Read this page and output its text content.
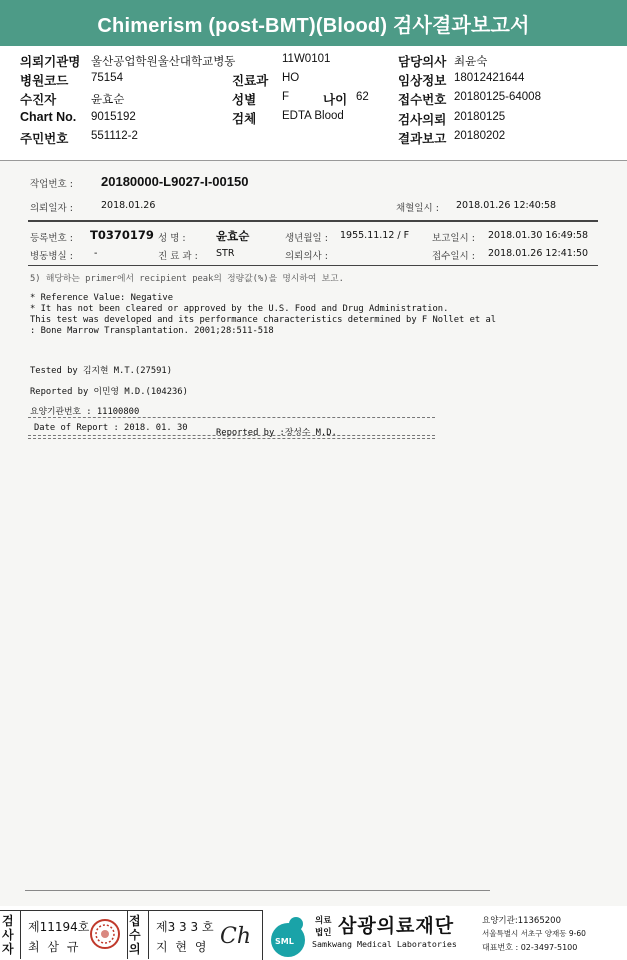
Chimerism (post-BMT)(Blood) 검사결과보고서
의뢰기관명 울산공업학원울산대학교병동	11W0101	담당의사 최윤숙
병원코드 75154	진료과 HO	임상정보 18012421644
수진자	윤효순	성별 F	나이 62 접수번호 20180125-64008
Chart No. 9015192	검체 EDTA Blood	검사의뢰 20180125
주민번호 551112-2	결과보고 20180202
작업번호 : 20180000-L9027-I-00150
의뢰일자 :	2018.01.26	채혈일시 : 2018.01.26 12:40:58
등록번호 : T0370179 성 명 :	윤효순	생년월일 : 1955.11.12 / F 보고일시 : 2018.01.30 16:49:58
병동병실 : -	진 료 과 : STR	의뢰의사 :	접수일시 : 2018.01.26 12:41:50
5) 해당하는 primer에서 recipient peak의 정량값(%)을 명시하여 보고.
* Reference Value: Negative
* It has not been cleared or approved by the U.S. Food and Drug Administration.
This test was developed and its performance characteristics determined by F Nollet et al
: Bone Marrow Transplantation. 2001;28:511-518
Tested by 김지현 M.T.(27591)
Reported by 이민영 M.D.(104236)
요양기관번호 : 11100800
Date of Report : 2018. 01. 30	Reported by :장성수 M.D.
검사자
제11194호
최 삼 규
접수의
제3 3 3 호
지 현 영 Ch	SML
의료
법인 삼광의료재단
Samkwang Medical Laboratories
요양기관:11365200
서울특별시 서초구 양재동 9-60
대표번호 : 02-3497-5100
